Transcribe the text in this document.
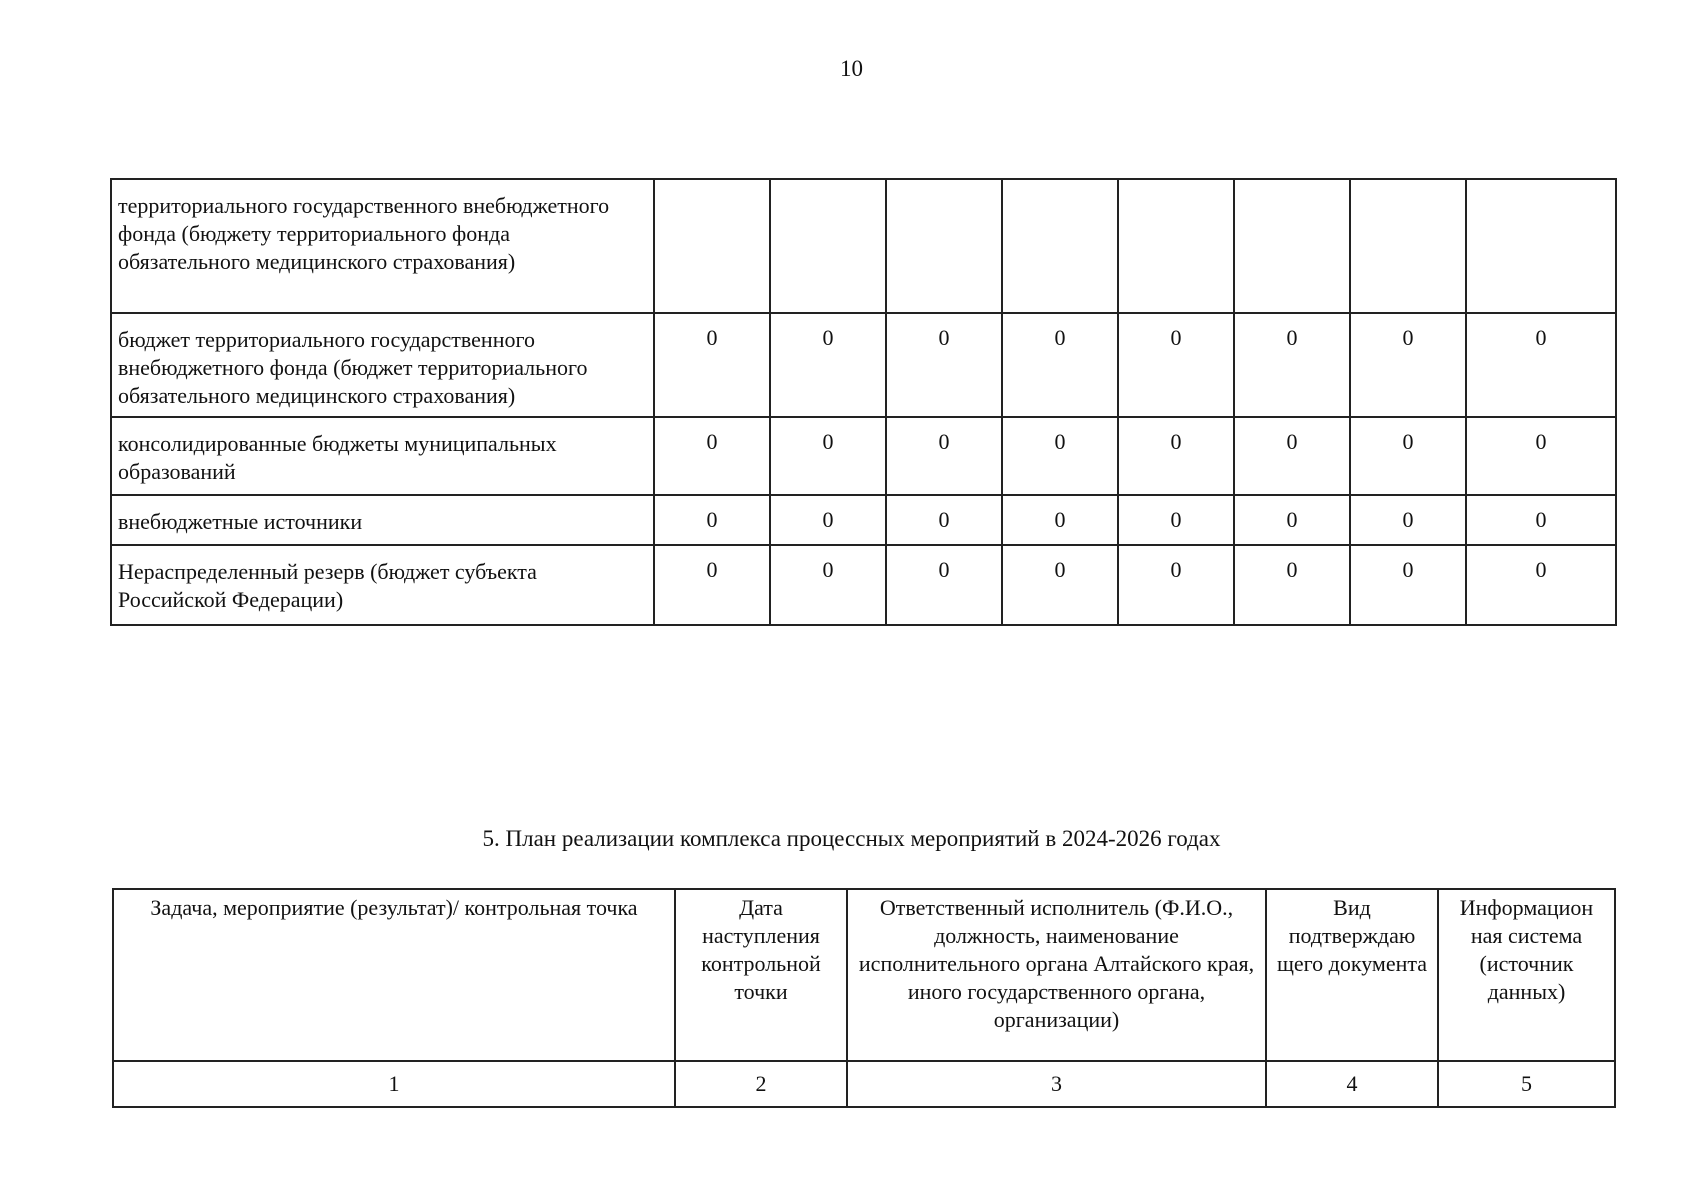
10
территориального государственного внебюджетного фонда (бюджету территориального фонда обязательного медицинского страхования)								
бюджет территориального государственного внебюджетного фонда (бюджет территориального обязательного медицинского страхования)	0	0	0	0	0	0	0	0
консолидированные бюджеты муниципальных образований	0	0	0	0	0	0	0	0
внебюджетные источники	0	0	0	0	0	0	0	0
Нераспределенный резерв (бюджет субъекта Российской Федерации)	0	0	0	0	0	0	0	0
5. План реализации комплекса процессных мероприятий в 2024-2026 годах
Задача, мероприятие (результат)/ контрольная точка	Дата наступления контрольной точки	Ответственный исполнитель (Ф.И.О., должность, наименование исполнительного органа Алтайского края, иного государственного органа, организации)	Вид подтверждаю щего документа	Информацион ная система (источник данных)
1	2	3	4	5
